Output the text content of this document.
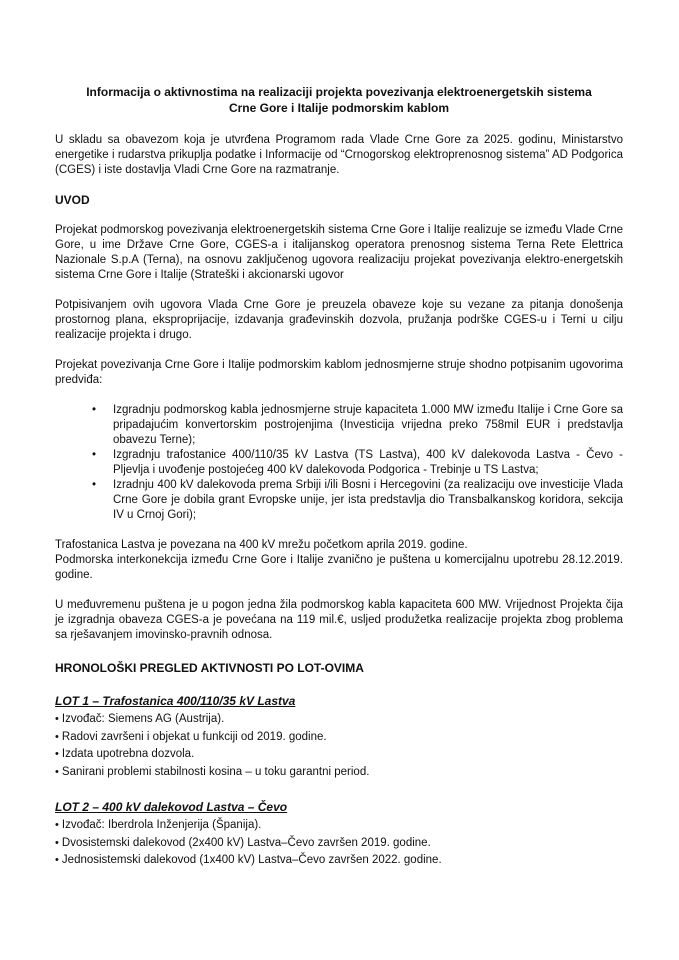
Informacija o aktivnostima na realizaciji projekta povezivanja elektroenergetskih sistema
Crne Gore i Italije podmorskim kablom

U skladu sa obavezom koja je utvrđena Programom rada Vlade Crne Gore za 2025. godinu, Ministarstvo energetike i rudarstva prikuplja podatke i Informacije od “Crnogorskog elektroprenosnog sistema” AD Podgorica (CGES) i iste dostavlja Vladi Crne Gore na razmatranje.

UVOD

Projekat podmorskog povezivanja elektroenergetskih sistema Crne Gore i Italije realizuje se između Vlade Crne Gore, u ime Države Crne Gore, CGES-a i italijanskog operatora prenosnog sistema Terna Rete Elettrica Nazionale S.p.A (Terna), na osnovu zaključenog ugovora realizaciju projekat povezivanja elektro-energetskih sistema Crne Gore i Italije (Strateški i akcionarski ugovor

Potpisivanjem ovih ugovora Vlada Crne Gore je preuzela obaveze koje su vezane za pitanja donošenja prostornog plana, eksproprijacije, izdavanja građevinskih dozvola, pružanja podrške CGES-u i Terni u cilju realizacije projekta i drugo.

Projekat povezivanja Crne Gore i Italije podmorskim kablom jednosmjerne struje shodno potpisanim ugovorima predviđa:

• Izgradnju podmorskog kabla jednosmjerne struje kapaciteta 1.000 MW između Italije i Crne Gore sa pripadajućim konvertorskim postrojenjima (Investicija vrijedna preko 758mil EUR i predstavlja obavezu Terne);
• Izgradnju trafostanice 400/110/35 kV Lastva (TS Lastva), 400 kV dalekovoda Lastva - Čevo - Pljevlja i uvođenje postojećeg 400 kV dalekovoda Podgorica - Trebinje u TS Lastva;
• Izradnju 400 kV dalekovoda prema Srbiji i/ili Bosni i Hercegovini (za realizaciju ove investicije Vlada Crne Gore je dobila grant Evropske unije, jer ista predstavlja dio Transbalkanskog koridora, sekcija IV u Crnoj Gori);
Trafostanica Lastva je povezana na 400 kV mrežu početkom aprila 2019. godine.
Podmorska interkonekcija između Crne Gore i Italije zvanično je puštena u komercijalnu upotrebu 28.12.2019. godine.

U međuvremenu puštena je u pogon jedna žila podmorskog kabla kapaciteta 600 MW. Vrijednost Projekta čija je izgradnja obaveza CGES-a je povećana na 119 mil.€, usljed produžetka realizacije projekta zbog problema sa rješavanjem imovinsko-pravnih odnosa.

HRONOLOŠKI PREGLED AKTIVNOSTI PO LOT-OVIMA
LOT 1 – Trafostanica 400/110/35 kV Lastva
• Izvođač: Siemens AG (Austrija).
• Radovi završeni i objekat u funkciji od 2019. godine.
• Izdata upotrebna dozvola.
• Sanirani problemi stabilnosti kosina – u toku garantni period.
LOT 2 – 400 kV dalekovod Lastva – Čevo
• Izvođač: Iberdrola Inženjerija (Španija).
• Dvosistemski dalekovod (2x400 kV) Lastva–Čevo završen 2019. godine.
• Jednosistemski dalekovod (1x400 kV) Lastva–Čevo završen 2022. godine.
